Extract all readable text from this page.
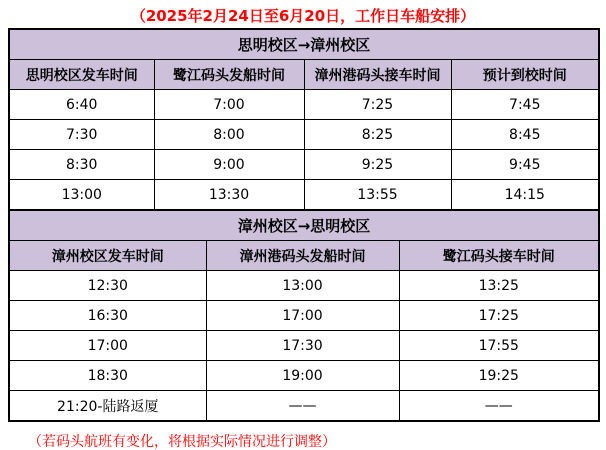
（2025年2月24日至6月20日，工作日车船安排）
思明校区→漳州校区			
思明校区发车时间	鹭江码头发船时间	漳州港码头接车时间	预计到校时间
6:40	7:00	7:25	7:45
7:30	8:00	8:25	8:45
8:30	9:00	9:25	9:45
13:00	13:30	13:55	14:15
漳州校区→思明校区		
漳州校区发车时间	漳州港码头发船时间	鹭江码头接车时间
12:30	13:00	13:25
16:30	17:00	17:25
17:00	17:30	17:55
18:30	19:00	19:25
21:20-陆路返厦	——	——
（若码头航班有变化，将根据实际情况进行调整）
